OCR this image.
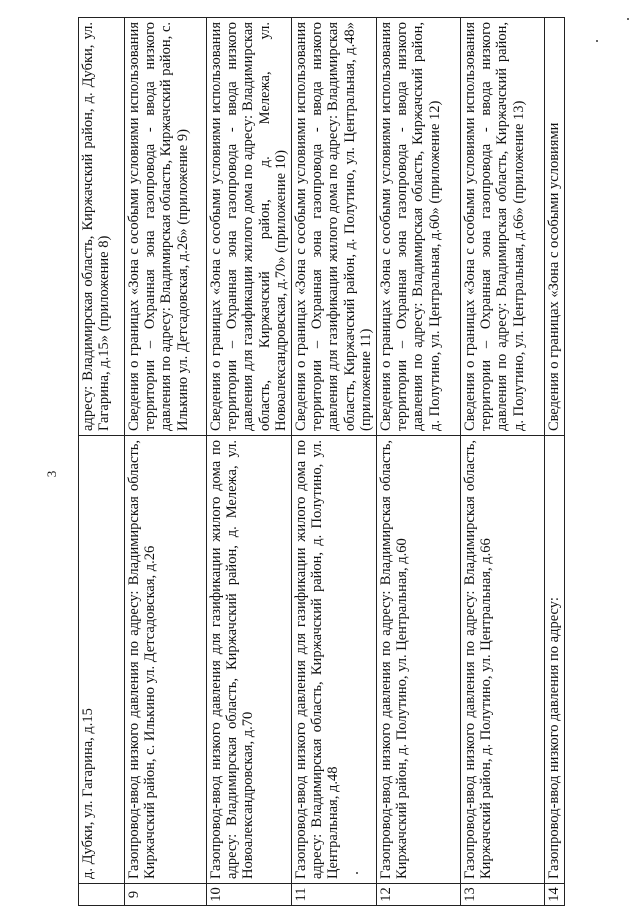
3
	д. Дубки, ул. Гагарина, д.15	адресу: Владимирская область, Киржачский район, д. Дубки, ул. Гагарина, д.15» (приложение 8)
9	Газопровод-ввод низкого давления по адресу: Владимирская область, Киржачский район, с. Илькино ул. Детсадовская, д.26	Сведения о границах «Зона с особыми условиями использования территории – Охранная зона газопровода - ввода низкого давления по адресу: Владимирская область, Киржачский район, с. Илькино ул. Детсадовская, д.26» (приложение 9)
10	Газопровод-ввод низкого давления для газификации жилого дома по адресу: Владимирская область, Киржачский район, д. Мележа, ул. Новоалександровская, д.70	Сведения о границах «Зона с особыми условиями использования территории – Охранная зона газопровода - ввода низкого давления для газификации жилого дома по адресу: Владимирская область, Киржачский район, д. Мележа, ул. Новоалександровская, д.70» (приложение 10)
11	Газопровод-ввод низкого давления для газификации жилого дома по адресу: Владимирская область, Киржачский район, д. Полутино, ул. Центральная, д.48	Сведения о границах «Зона с особыми условиями использования территории – Охранная зона газопровода - ввода низкого давления для газификации жилого дома по адресу: Владимирская область, Киржачский район, д. Полутино, ул. Центральная, д.48» (приложение 11)
12	Газопровод-ввод низкого давления по адресу: Владимирская область, Киржачский район, д. Полутино, ул. Центральная, д.60	Сведения о границах «Зона с особыми условиями использования территории – Охранная зона газопровода - ввода низкого давления по адресу: Владимирская область, Киржачский район, д. Полутино, ул. Центральная, д.60» (приложение 12)
13	Газопровод-ввод низкого давления по адресу: Владимирская область, Киржачский район, д. Полутино, ул. Центральная, д.66	Сведения о границах «Зона с особыми условиями использования территории – Охранная зона газопровода - ввода низкого давления по адресу: Владимирская область, Киржачский район, д. Полутино, ул. Центральная, д.66» (приложение 13)
14	Газопровод-ввод низкого давления по адресу:	Сведения о границах «Зона с особыми условиями
